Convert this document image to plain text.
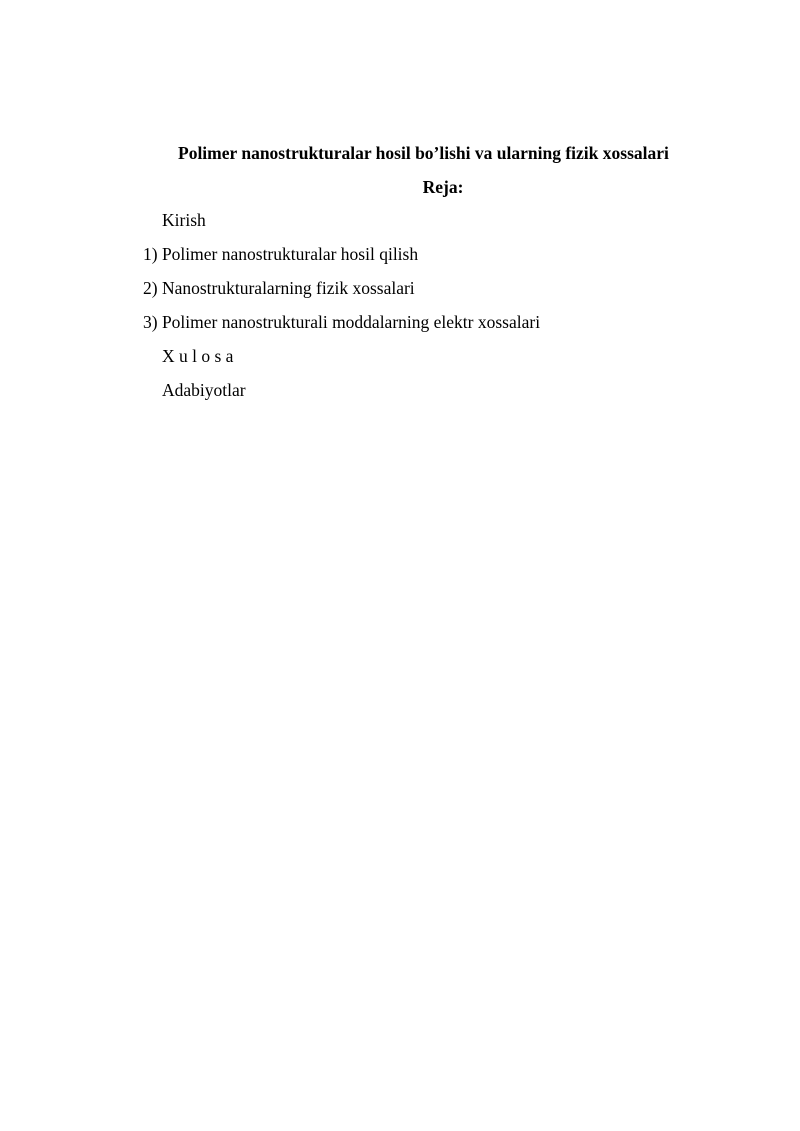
Polimer nanostrukturalar hosil bo’lishi va ularning fizik xossalari
Reja:
Kirish
1) Polimer nanostrukturalar hosil qilish
2) Nanostrukturalarning fizik xossalari
3) Polimer nanostrukturali moddalarning elektr xossalari
X u l o s a
Adabiyotlar
